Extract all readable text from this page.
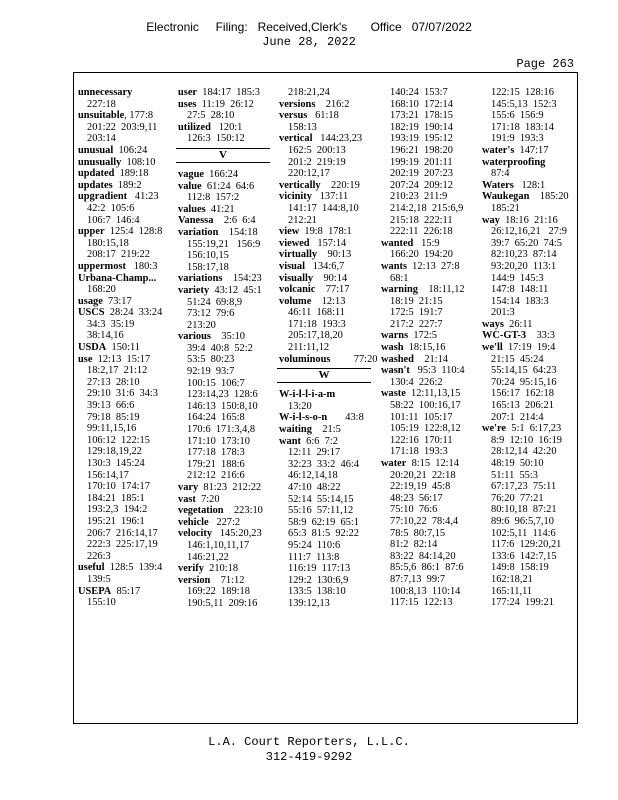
Electronic     Filing:   Received,Clerk's       Office   07/07/2022
June 28, 2022
Page 263
unnecessary
227:18
unsuitable, 177:8
201:22  203:9,11
203:14
unusual  106:24
unusually  108:10
updated  189:18
updates  189:2
upgradient   41:23
42:2  105:6
106:7  146:4
upper  125:4  128:8
180:15,18
208:17  219:22
uppermost   180:3
Urbana-Champ...
168:20
usage  73:17
USCS  28:24  33:24
34:3  35:19
38:14,16
USDA  150:11
use  12:13  15:17
18:2,17  21:12
27:13  28:10
29:10  31:6  34:3
39:13  66:6
79:18  85:19
99:11,15,16
106:12  122:15
129:18,19,22
130:3  145:24
156:14,17
170:10  174:17
184:21  185:1
193:2,3  194:2
195:21  196:1
206:7  216:14,17
222:3  225:17,19
226:3
useful  128:5  139:4
139:5
USEPA  85:17
155:10
user  184:17  185:3
uses  11:19  26:12
27:5  28:10
utilized   120:1
126:3  150:12
V
vague  166:24
value  61:24  64:6
112:8  157:2
values  41:21
Vanessa    2:6  6:4
variation    154:18
155:19,21   156:9
156:10,15
158:17,18
variations    154:23
variety  43:12  45:1
51:24  69:8,9
73:12  79:6
213:20
various    35:10
39:4  40:8  52:2
53:5  80:23
92:19  93:7
100:15  106:7
123:14,23  128:6
146:13  150:8,10
164:24  165:8
170:6  171:3,4,8
171:10  173:10
177:18  178:3
179:21  188:6
212:12  216:6
vary  81:23  212:22
vast  7:20
vegetation    223:10
vehicle   227:2
velocity   145:20,23
146:1,10,11,17
146:21,22
verify  210:18
version    71:12
169:22  189:18
190:5,11  209:16
218:21,24
versions    216:2
versus   61:18
158:13
vertical   144:23,23
162:5  200:13
201:2  219:19
220:12,17
vertically    220:19
vicinity   137:11
141:17  144:8,10
212:21
view  19:8  178:1
viewed   157:14
virtually    90:13
visual   134:6,7
visually    90:14
volcanic    77:17
volume    12:13
46:11  168:11
171:18  193:3
205:17,18,20
211:11,12
voluminous         77:20
W
W-i-l-l-i-a-m
13:20
W-i-l-s-o-n       43:8
waiting    21:5
want  6:6  7:2
12:11  29:17
32:23  33:2  46:4
46:12,14,18
47:10  48:22
52:14  55:14,15
55:16  57:11,12
58:9  62:19  65:1
65:3  81:5  92:22
95:24  110:6
111:7  113:8
116:19  117:13
129:2  130:6,9
133:5  138:10
139:12,13
140:24  153:7
168:10  172:14
173:21  178:15
182:19  190:14
193:19  195:12
196:21  198:20
199:19  201:11
202:19  207:23
207:24  209:12
210:23  211:9
214:2,18  215:6,9
215:18  222:11
222:11  226:18
wanted   15:9
166:20  194:20
wants  12:13  27:8
68:1
warning    18:11,12
18:19  21:15
172:5  191:7
217:2  227:7
warns  172:5
wash  18:15,16
washed    21:14
wasn't   95:3  110:4
130:4  226:2
waste  12:11,13,15
58:22  100:16,17
101:11  105:17
105:19  122:8,12
122:16  170:11
171:18  193:3
water  8:15  12:14
20:20,21  22:18
22:19,19  45:8
48:23  56:17
75:10  76:6
77:10,22  78:4,4
78:5  80:7,15
81:2  82:14
83:22  84:14,20
85:5,6  86:1  87:6
87:7,13  99:7
100:8,13  110:14
117:15  122:13
122:15  128:16
145:5,13  152:3
155:6  156:9
171:18  183:14
191:9  193:3
water's  147:17
waterproofing
87:4
Waters   128:1
Waukegan    185:20
185:21
way  18:16  21:16
26:12,16,21   27:9
39:7  65:20  74:5
82:10,23  87:14
93:20,20  113:1
144:9  145:3
147:8  148:11
154:14  183:3
201:3
ways  26:11
WC-GT-3    33:3
we'll  17:19  19:4
21:15  45:24
55:14,15  64:23
70:24  95:15,16
156:17  162:18
165:13  206:21
207:1  214:4
we're  5:1  6:17,23
8:9  12:10  16:19
28:12,14  42:20
48:19  50:10
51:11  55:3
67:17,23  75:11
76:20  77:21
80:10,18  87:21
89:6  96:5,7,10
102:5,11  114:6
117:6  129:20,21
133:6  142:7,15
149:8  158:19
162:18,21
165:11,11
177:24  199:21
L.A. Court Reporters, L.L.C.
312-419-9292
